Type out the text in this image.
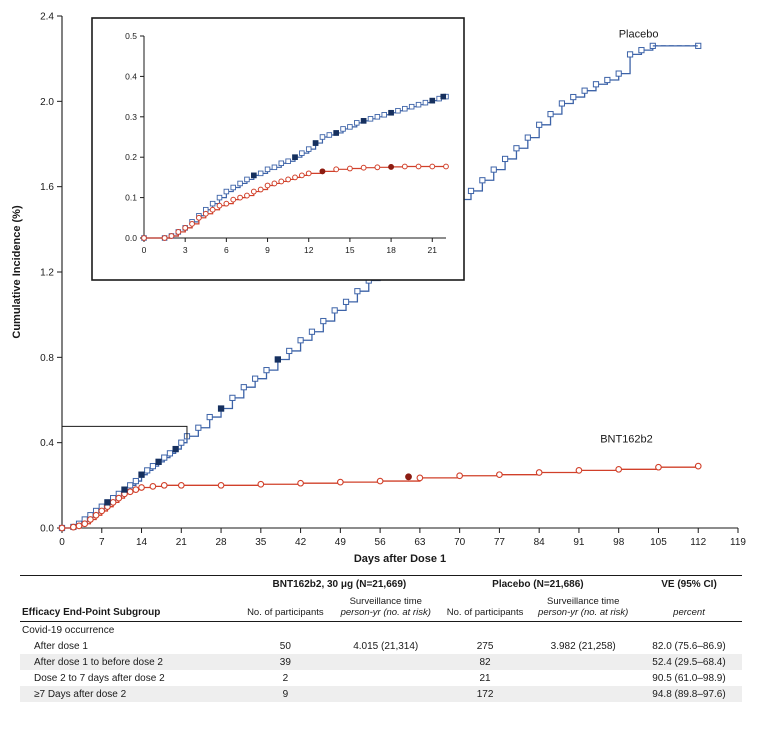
0.0
0.4
0.8
1.2
1.6
2.0
2.4
0	7	14	21	28	35	42	49	56	63	70	77	84	91	98	105 112 119
Days after Dose 1
Cumulative Incidence (%)
Placebo
BNT162b2
0.0
0.1
0.2
0.3
0.4
0.5
0	3	6	9	12	15	18	21
Efficacy End-Point Subgroup	BNT162b2, 30 μg (N=21,669)		Placebo (N=21,686)		VE (95% CI)
	No. of participants	Surveillance time
person-yr (no. at risk)	No. of participants	Surveillance time
person-yr (no. at risk)	percent
Covid-19 occurrence					
After dose 1	50	4.015 (21,314)	275	3.982 (21,258)	82.0 (75.6–86.9)
After dose 1 to before dose 2	39		82		52.4 (29.5–68.4)
Dose 2 to 7 days after dose 2	2		21		90.5 (61.0–98.9)
≥7 Days after dose 2	9		172		94.8 (89.8–97.6)
